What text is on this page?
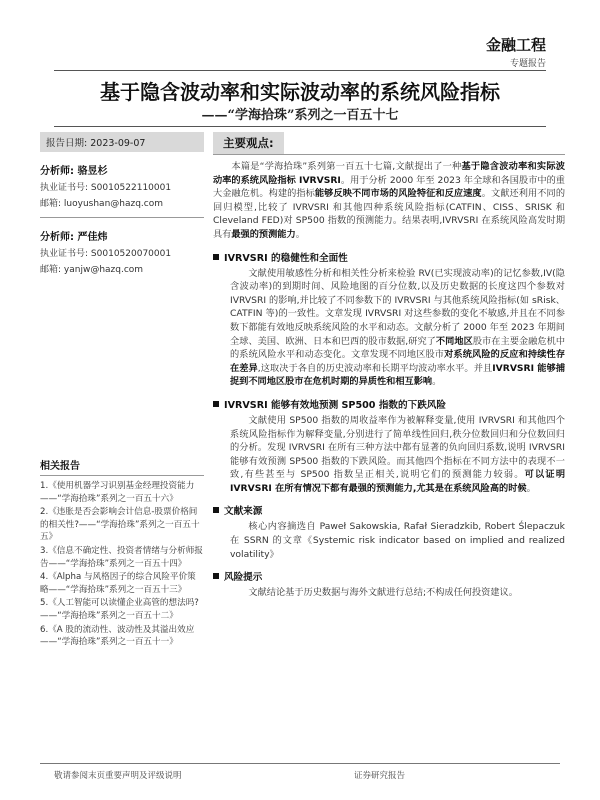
金融工程
专题报告
基于隐含波动率和实际波动率的系统风险指标
——“学海拾珠”系列之一百五十七
报告日期: 2023-09-07
分析师: 骆昱杉
执业证书号: S0010522110001
邮箱: luoyushan@hazq.com
分析师: 严佳炜
执业证书号: S0010520070001
邮箱: yanjw@hazq.com
相关报告
1.《使用机器学习识别基金经理投资能力——“学海拾珠”系列之一百五十六》
2.《违胀是否会影响会计信息-股票价格间的相关性?——“学海拾珠”系列之一百五十五》
3.《信息不确定性、投资者情绪与分析师报告——“学海拾珠”系列之一百五十四》
4.《Alpha 与风格因子的综合风险平价策略——“学海拾珠”系列之一百五十三》
5.《人工智能可以读懂企业高管的想法吗?——“学海拾珠”系列之一百五十二》
6.《A 股的流动性、波动性及其溢出效应——“学海拾珠”系列之一百五十一》
主要观点:

本篇是“学海拾珠”系列第一百五十七篇,文献提出了一种基于隐含波动率和实际波动率的系统风险指标 IVRVSRI。用于分析 2000 年至 2023 年全球和各国股市中的重大金融危机。构建的指标能够反映不同市场的风险特征和反应速度。文献还利用不同的回归模型,比较了 IVRVSRI 和其他四种系统风险指标(CATFIN、CISS、SRISK 和 Cleveland FED)对 SP500 指数的预测能力。结果表明,IVRVSRI 在系统风险高发时期具有最强的预测能力。

IVRVSRI 的稳健性和全面性

文献使用敏感性分析和相关性分析来检验 RV(已实现波动率)的记忆参数,IV(隐含波动率)的到期时间、风险地图的百分位数,以及历史数据的长度这四个参数对 IVRVSRI 的影响,并比较了不同参数下的 IVRVSRI 与其他系统风险指标(如 sRisk、CATFIN 等)的一致性。文章发现 IVRVSRI 对这些参数的变化不敏感,并且在不同参数下都能有效地反映系统风险的水平和动态。文献分析了 2000 年至 2023 年期间全球、美国、欧洲、日本和巴西的股市数据,研究了不同地区股市在主要金融危机中的系统风险水平和动态变化。文章发现不同地区股市对系统风险的反应和持续性存在差异,这取决于各自的历史波动率和长期平均波动率水平。并且IVRVSRI 能够捕捉到不同地区股市在危机时期的异质性和相互影响。

IVRVSRI 能够有效地预测 SP500 指数的下跌风险

文献使用 SP500 指数的周收益率作为被解释变量,使用 IVRVSRI 和其他四个系统风险指标作为解释变量,分别进行了简单线性回归,秩分位数回归和分位数回归的分析。发现 IVRVSRI 在所有三种方法中都有显著的负向回归系数,说明 IVRVSRI 能够有效预测 SP500 指数的下跌风险。而其他四个指标在不同方法中的表现不一致,有些甚至与 SP500 指数呈正相关,说明它们的预测能力较弱。可以证明 IVRVSRI 在所有情况下都有最强的预测能力,尤其是在系统风险高的时候。

文献来源

核心内容摘选自 Paweł Sakowskia, Rafał Sieradzkib, Robert Ślepaczuk 在 SSRN 的文章《Systemic risk indicator based on implied and realized volatility》

风险提示

文献结论基于历史数据与海外文献进行总结;不构成任何投资建议。

敬请参阅末页重要声明及评级说明	证券研究报告
